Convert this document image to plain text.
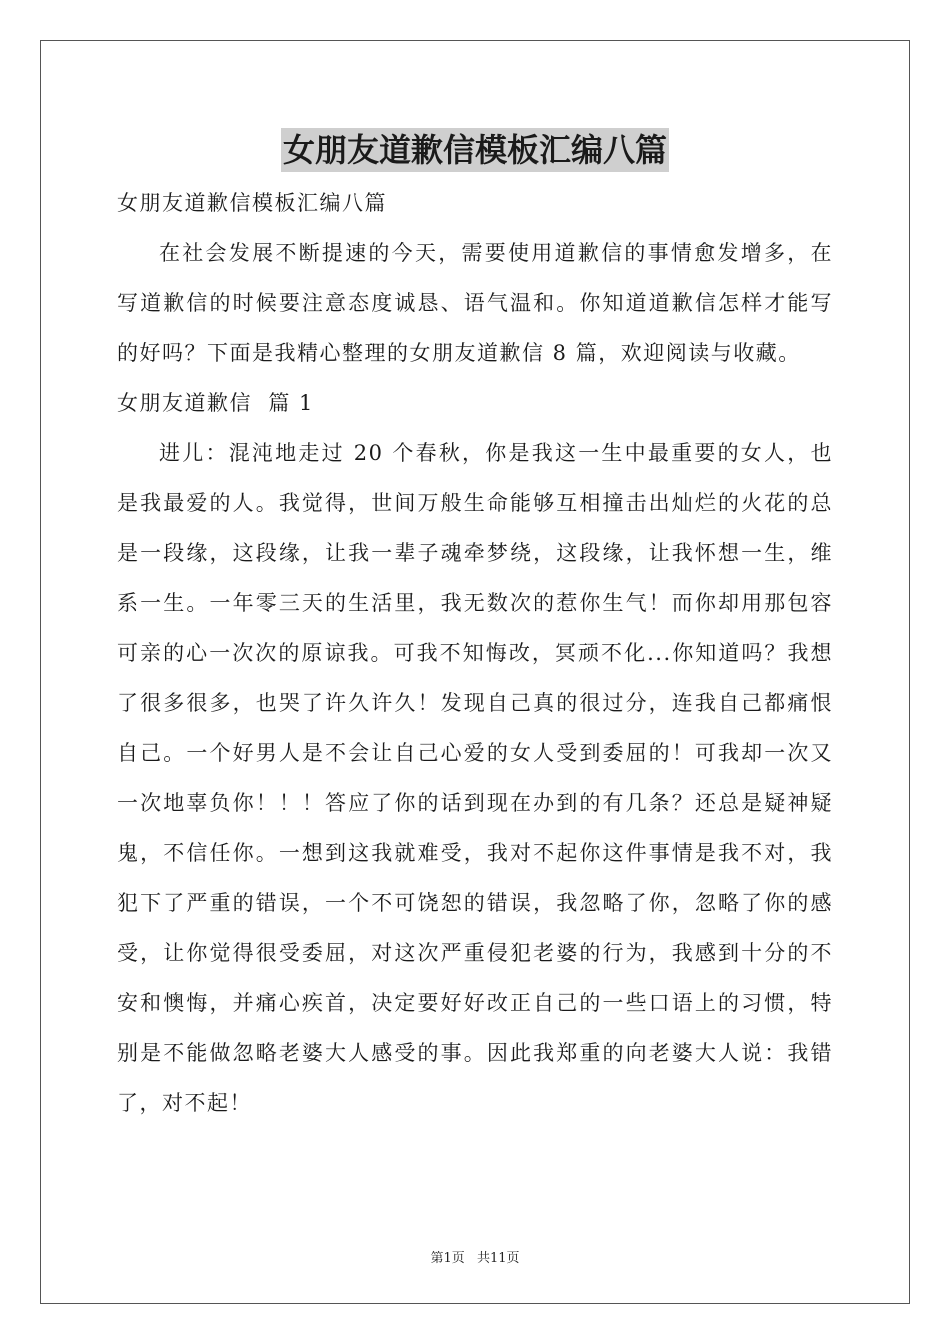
女朋友道歉信模板汇编八篇

女朋友道歉信模板汇编八篇

在社会发展不断提速的今天，需要使用道歉信的事情愈发增多，在写道歉信的时候要注意态度诚恳、语气温和。你知道道歉信怎样才能写的好吗？下面是我精心整理的女朋友道歉信 8 篇，欢迎阅读与收藏。

女朋友道歉信  篇 1

进儿：混沌地走过 20 个春秋，你是我这一生中最重要的女人，也是我最爱的人。我觉得，世间万般生命能够互相撞击出灿烂的火花的总是一段缘，这段缘，让我一辈子魂牵梦绕，这段缘，让我怀想一生，维系一生。一年零三天的生活里，我无数次的惹你生气！而你却用那包容可亲的心一次次的原谅我。可我不知悔改，冥顽不化...你知道吗？我想了很多很多，也哭了许久许久！发现自己真的很过分，连我自己都痛恨自己。一个好男人是不会让自己心爱的女人受到委屈的！可我却一次又一次地辜负你！！！答应了你的话到现在办到的有几条？还总是疑神疑鬼，不信任你。一想到这我就难受，我对不起你这件事情是我不对，我犯下了严重的错误，一个不可饶恕的错误，我忽略了你，忽略了你的感受，让你觉得很受委屈，对这次严重侵犯老婆的行为，我感到十分的不安和懊悔，并痛心疾首，决定要好好改正自己的一些口语上的习惯，特别是不能做忽略老婆大人感受的事。因此我郑重的向老婆大人说：我错了，对不起！

第1页 共11页
